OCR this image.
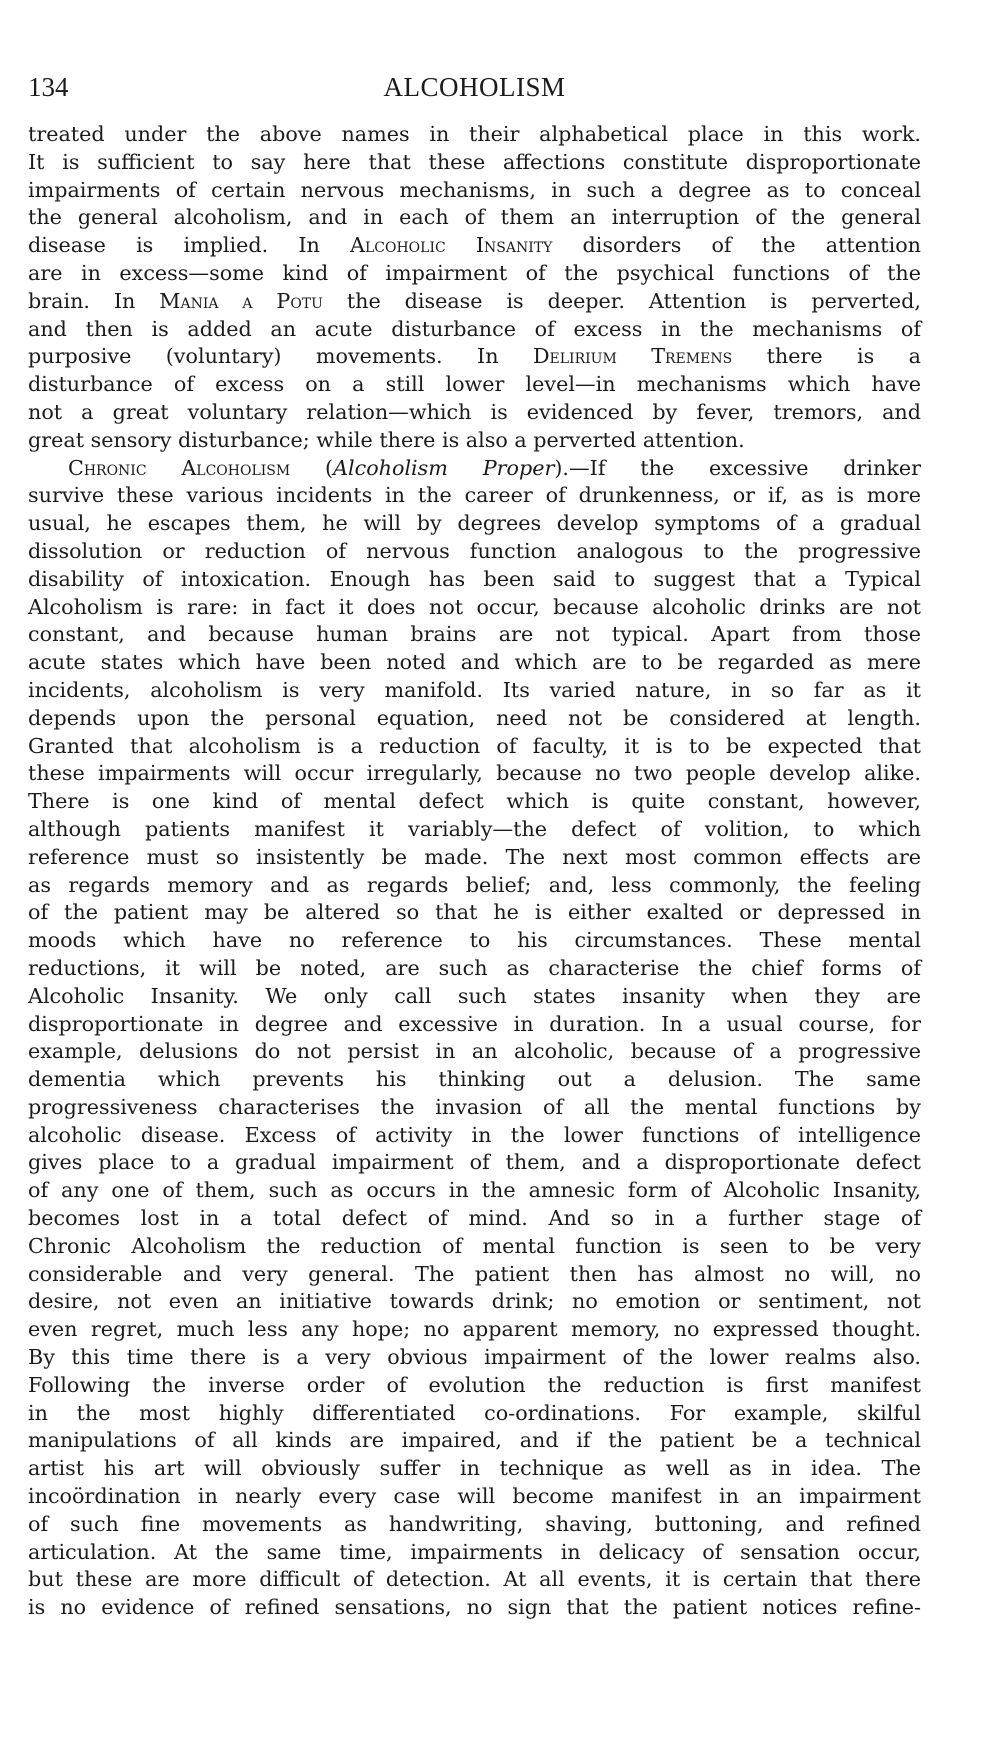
134	ALCOHOLISM
treated under the above names in their alphabetical place in this work.
It is sufficient to say here that these affections constitute disproportionate
impairments of certain nervous mechanisms, in such a degree as to conceal
the general alcoholism, and in each of them an interruption of the general
disease is implied. In Alcoholic Insanity disorders of the attention
are in excess—some kind of impairment of the psychical functions of the
brain. In Mania a Potu the disease is deeper. Attention is perverted,
and then is added an acute disturbance of excess in the mechanisms of
purposive (voluntary) movements. In Delirium Tremens there is a
disturbance of excess on a still lower level—in mechanisms which have
not a great voluntary relation—which is evidenced by fever, tremors, and
great sensory disturbance; while there is also a perverted attention.
Chronic Alcoholism (Alcoholism Proper).—If the excessive drinker
survive these various incidents in the career of drunkenness, or if, as is more
usual, he escapes them, he will by degrees develop symptoms of a gradual
dissolution or reduction of nervous function analogous to the progressive
disability of intoxication. Enough has been said to suggest that a Typical
Alcoholism is rare: in fact it does not occur, because alcoholic drinks are not
constant, and because human brains are not typical. Apart from those
acute states which have been noted and which are to be regarded as mere
incidents, alcoholism is very manifold. Its varied nature, in so far as it
depends upon the personal equation, need not be considered at length.
Granted that alcoholism is a reduction of faculty, it is to be expected that
these impairments will occur irregularly, because no two people develop alike.
There is one kind of mental defect which is quite constant, however,
although patients manifest it variably—the defect of volition, to which
reference must so insistently be made. The next most common effects are
as regards memory and as regards belief; and, less commonly, the feeling
of the patient may be altered so that he is either exalted or depressed in
moods which have no reference to his circumstances. These mental
reductions, it will be noted, are such as characterise the chief forms of
Alcoholic Insanity. We only call such states insanity when they are
disproportionate in degree and excessive in duration. In a usual course, for
example, delusions do not persist in an alcoholic, because of a progressive
dementia which prevents his thinking out a delusion. The same
progressiveness characterises the invasion of all the mental functions by
alcoholic disease. Excess of activity in the lower functions of intelligence
gives place to a gradual impairment of them, and a disproportionate defect
of any one of them, such as occurs in the amnesic form of Alcoholic Insanity,
becomes lost in a total defect of mind. And so in a further stage of
Chronic Alcoholism the reduction of mental function is seen to be very
considerable and very general. The patient then has almost no will, no
desire, not even an initiative towards drink; no emotion or sentiment, not
even regret, much less any hope; no apparent memory, no expressed thought.
By this time there is a very obvious impairment of the lower realms also.
Following the inverse order of evolution the reduction is first manifest
in the most highly differentiated co-ordinations. For example, skilful
manipulations of all kinds are impaired, and if the patient be a technical
artist his art will obviously suffer in technique as well as in idea. The
incoördination in nearly every case will become manifest in an impairment
of such fine movements as handwriting, shaving, buttoning, and refined
articulation. At the same time, impairments in delicacy of sensation occur,
but these are more difficult of detection. At all events, it is certain that there
is no evidence of refined sensations, no sign that the patient notices refine-
